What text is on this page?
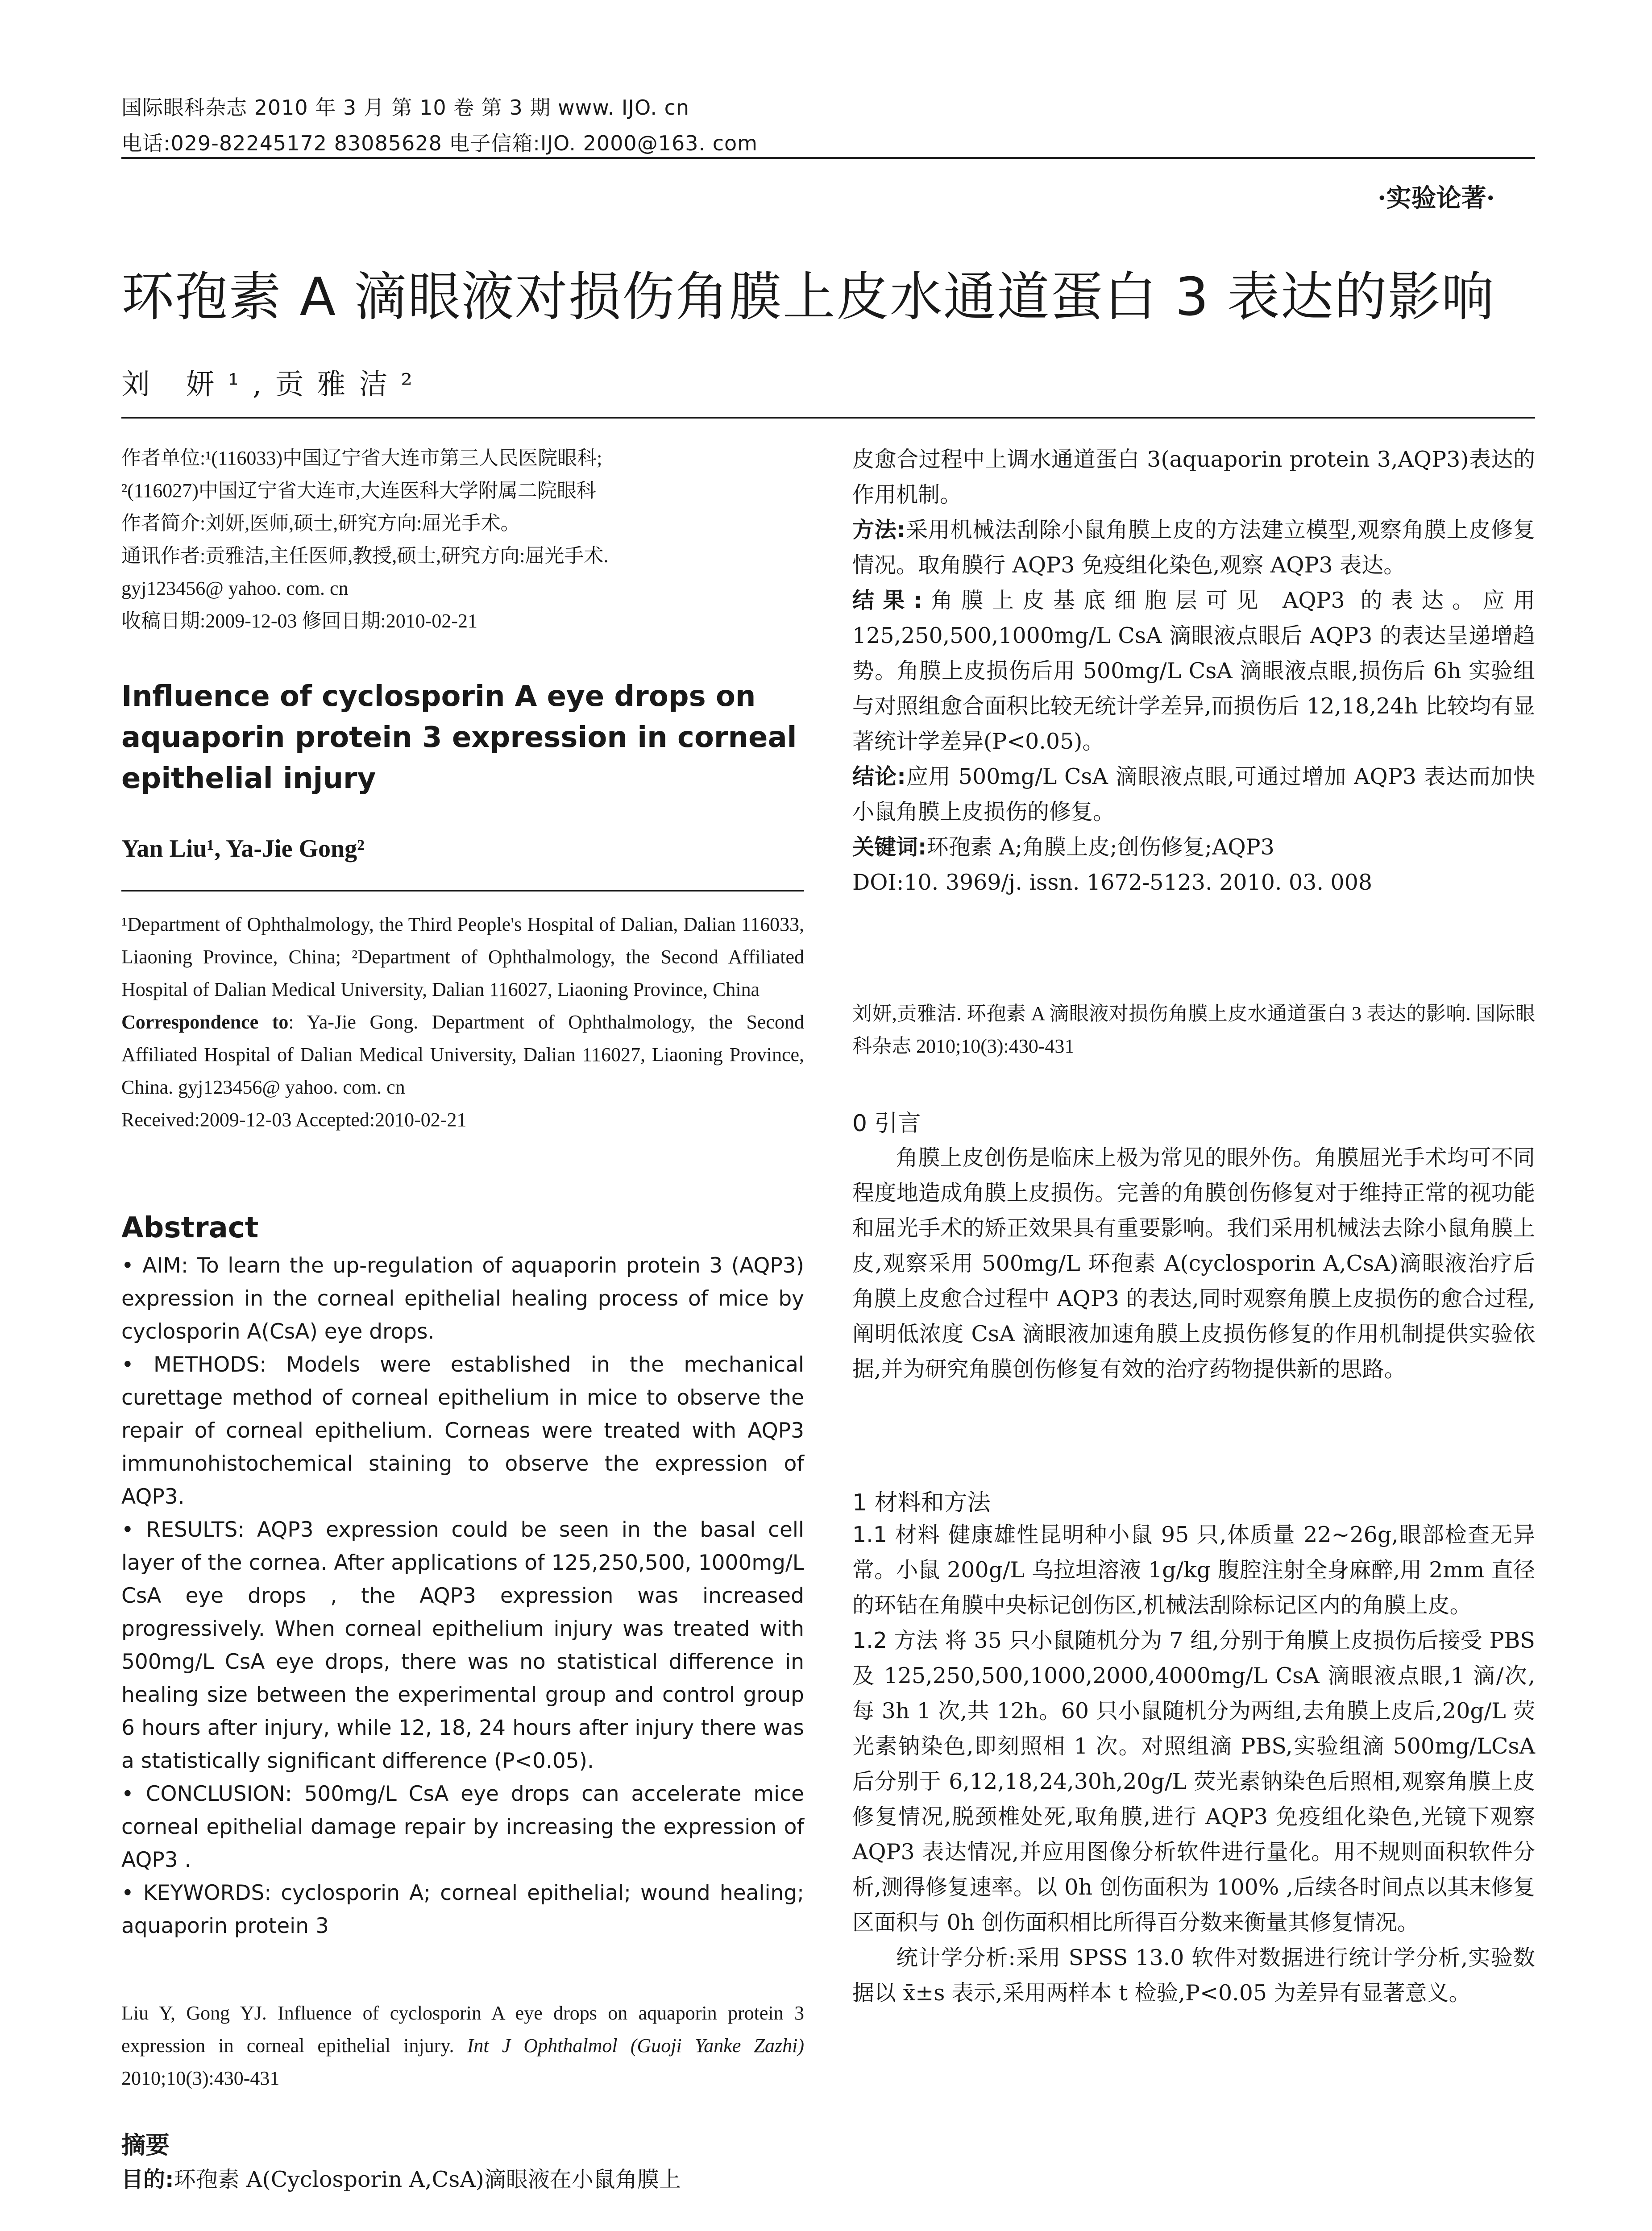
国际眼科杂志 2010 年 3 月 第 10 卷 第 3 期 www. IJO. cn
电话:029-82245172 83085628 电子信箱:IJO. 2000@163. com
·实验论著·
环孢素 A 滴眼液对损伤角膜上皮水通道蛋白 3 表达的影响
刘 妍¹,贡雅洁²
作者单位:¹(116033)中国辽宁省大连市第三人民医院眼科;
²(116027)中国辽宁省大连市,大连医科大学附属二院眼科
作者简介:刘妍,医师,硕士,研究方向:屈光手术。
通讯作者:贡雅洁,主任医师,教授,硕士,研究方向:屈光手术.
gyj123456@ yahoo. com. cn
收稿日期:2009-12-03 修回日期:2010-02-21
Influence of cyclosporin A eye drops on aquaporin protein 3 expression in corneal epithelial injury
Yan Liu¹, Ya-Jie Gong²
¹Department of Ophthalmology, the Third People's Hospital of Dalian, Dalian 116033, Liaoning Province, China; ²Department of Ophthalmology, the Second Affiliated Hospital of Dalian Medical University, Dalian 116027, Liaoning Province, China
Correspondence to: Ya-Jie Gong. Department of Ophthalmology, the Second Affiliated Hospital of Dalian Medical University, Dalian 116027, Liaoning Province, China. gyj123456@ yahoo. com. cn
Received:2009-12-03 Accepted:2010-02-21
Abstract

• AIM: To learn the up-regulation of aquaporin protein 3 (AQP3) expression in the corneal epithelial healing process of mice by cyclosporin A(CsA) eye drops.

• METHODS: Models were established in the mechanical curettage method of corneal epithelium in mice to observe the repair of corneal epithelium. Corneas were treated with AQP3 immunohistochemical staining to observe the expression of AQP3.

• RESULTS: AQP3 expression could be seen in the basal cell layer of the cornea. After applications of 125,250,500, 1000mg/L CsA eye drops , the AQP3 expression was increased progressively. When corneal epithelium injury was treated with 500mg/L CsA eye drops, there was no statistical difference in healing size between the experimental group and control group 6 hours after injury, while 12, 18, 24 hours after injury there was a statistically significant difference (P<0.05).

• CONCLUSION: 500mg/L CsA eye drops can accelerate mice corneal epithelial damage repair by increasing the expression of AQP3 .

• KEYWORDS: cyclosporin A; corneal epithelial; wound healing; aquaporin protein 3

Liu Y, Gong YJ. Influence of cyclosporin A eye drops on aquaporin protein 3 expression in corneal epithelial injury. Int J Ophthalmol (Guoji Yanke Zazhi) 2010;10(3):430-431
摘要
目的:环孢素 A(Cyclosporin A,CsA)滴眼液在小鼠角膜上

皮愈合过程中上调水通道蛋白 3(aquaporin protein 3,AQP3)表达的作用机制。

方法:采用机械法刮除小鼠角膜上皮的方法建立模型,观察角膜上皮修复情况。取角膜行 AQP3 免疫组化染色,观察 AQP3 表达。

结果:角膜上皮基底细胞层可见 AQP3 的表达。应用 125,250,500,1000mg/L CsA 滴眼液点眼后 AQP3 的表达呈递增趋势。角膜上皮损伤后用 500mg/L CsA 滴眼液点眼,损伤后 6h 实验组与对照组愈合面积比较无统计学差异,而损伤后 12,18,24h 比较均有显著统计学差异(P<0.05)。

结论:应用 500mg/L CsA 滴眼液点眼,可通过增加 AQP3 表达而加快小鼠角膜上皮损伤的修复。

关键词:环孢素 A;角膜上皮;创伤修复;AQP3

DOI:10. 3969/j. issn. 1672-5123. 2010. 03. 008

刘妍,贡雅洁. 环孢素 A 滴眼液对损伤角膜上皮水通道蛋白 3 表达的影响. 国际眼科杂志 2010;10(3):430-431
0 引言
角膜上皮创伤是临床上极为常见的眼外伤。角膜屈光手术均可不同程度地造成角膜上皮损伤。完善的角膜创伤修复对于维持正常的视功能和屈光手术的矫正效果具有重要影响。我们采用机械法去除小鼠角膜上皮,观察采用 500mg/L 环孢素 A(cyclosporin A,CsA)滴眼液治疗后角膜上皮愈合过程中 AQP3 的表达,同时观察角膜上皮损伤的愈合过程,阐明低浓度 CsA 滴眼液加速角膜上皮损伤修复的作用机制提供实验依据,并为研究角膜创伤修复有效的治疗药物提供新的思路。
1 材料和方法

1.1 材料 健康雄性昆明种小鼠 95 只,体质量 22~26g,眼部检查无异常。小鼠 200g/L 乌拉坦溶液 1g/kg 腹腔注射全身麻醉,用 2mm 直径的环钻在角膜中央标记创伤区,机械法刮除标记区内的角膜上皮。

1.2 方法 将 35 只小鼠随机分为 7 组,分别于角膜上皮损伤后接受 PBS 及 125,250,500,1000,2000,4000mg/L CsA 滴眼液点眼,1 滴/次,每 3h 1 次,共 12h。60 只小鼠随机分为两组,去角膜上皮后,20g/L 荧光素钠染色,即刻照相 1 次。对照组滴 PBS,实验组滴 500mg/LCsA 后分别于 6,12,18,24,30h,20g/L 荧光素钠染色后照相,观察角膜上皮修复情况,脱颈椎处死,取角膜,进行 AQP3 免疫组化染色,光镜下观察 AQP3 表达情况,并应用图像分析软件进行量化。用不规则面积软件分析,测得修复速率。以 0h 创伤面积为 100% ,后续各时间点以其末修复区面积与 0h 创伤面积相比所得百分数来衡量其修复情况。

统计学分析:采用 SPSS 13.0 软件对数据进行统计学分析,实验数据以 x̄±s 表示,采用两样本 t 检验,P<0.05 为差异有显著意义。
